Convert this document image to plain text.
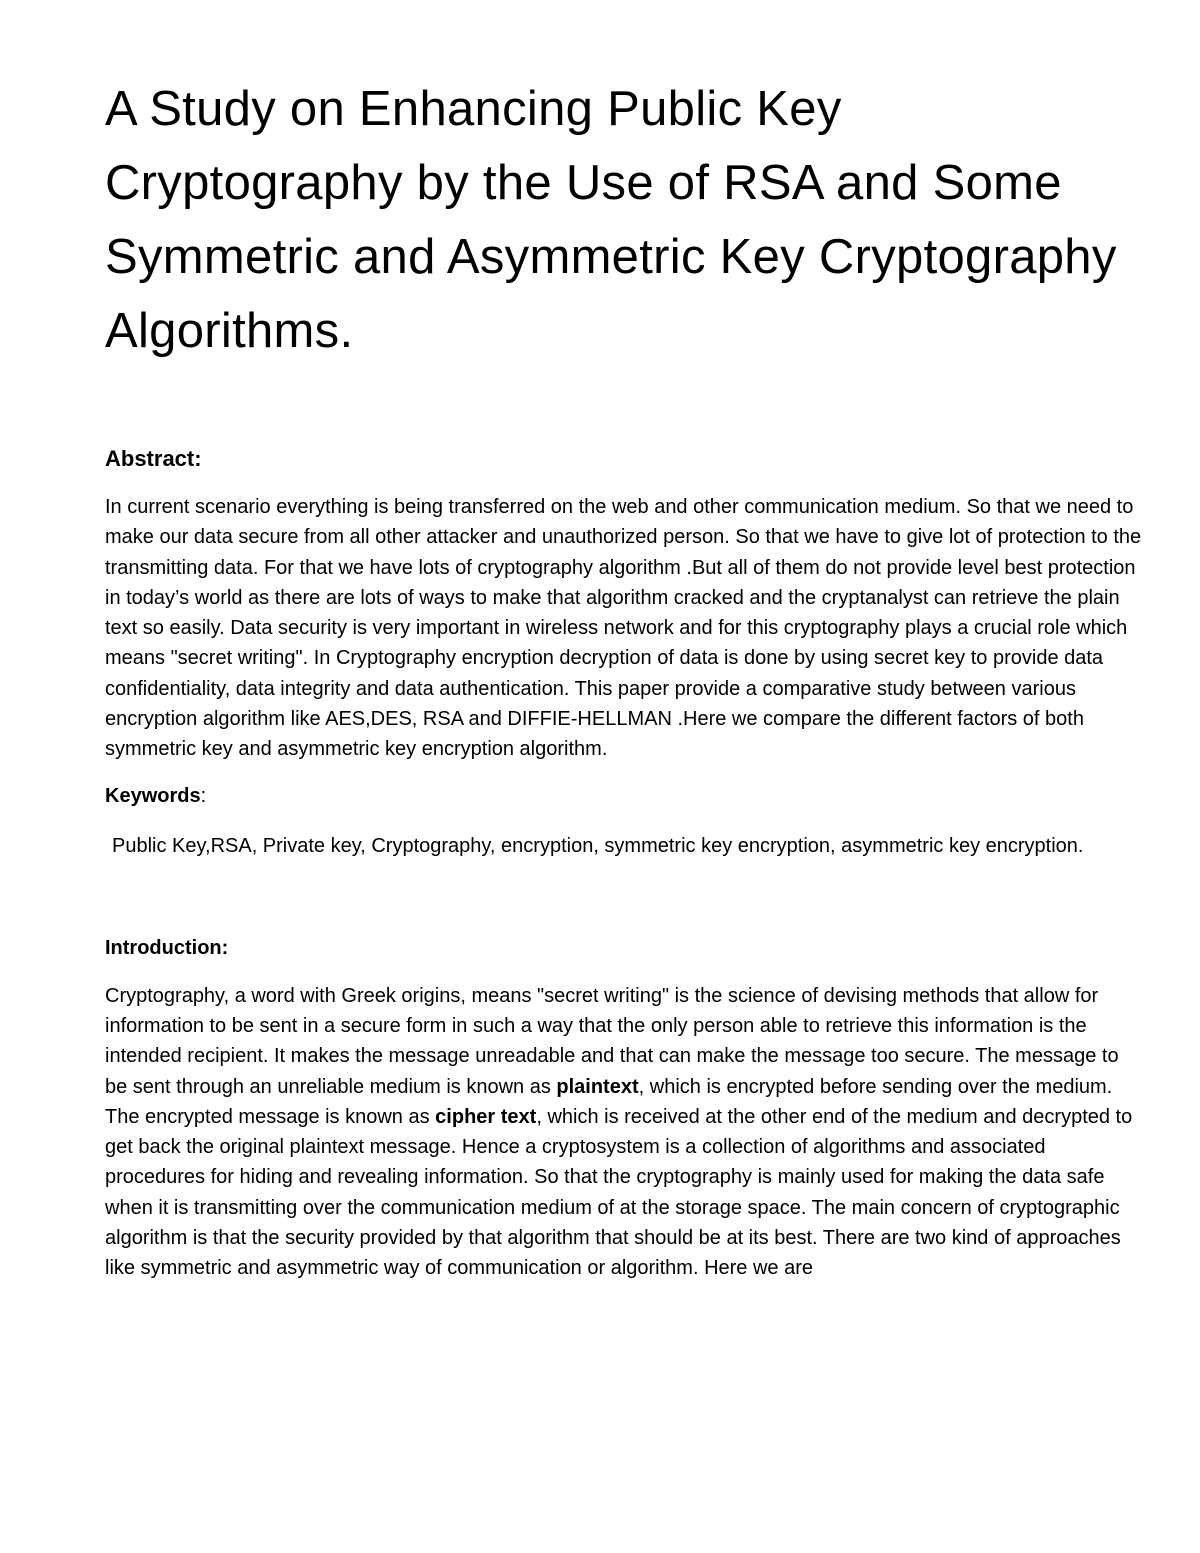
A Study on Enhancing Public Key Cryptography by the Use of RSA and Some Symmetric and Asymmetric Key Cryptography Algorithms.
Abstract:

In current scenario everything is being transferred on the web and other communication medium. So that we need to make our data secure from all other attacker and unauthorized person. So that we have to give lot of protection to the transmitting data. For that we have lots of cryptography algorithm .But all of them do not provide level best protection in today’s world as there are lots of ways to make that algorithm cracked and the cryptanalyst can retrieve the plain text so easily. Data security is very important in wireless network and for this cryptography plays a crucial role which means "secret writing". In Cryptography encryption decryption of data is done by using secret key to provide data confidentiality, data integrity and data authentication. This paper provide a comparative study between various encryption algorithm like AES,DES, RSA and DIFFIE-HELLMAN .Here we compare the different factors of both symmetric key and asymmetric key encryption algorithm.

Keywords:

Public Key,RSA, Private key, Cryptography, encryption, symmetric key encryption, asymmetric key encryption.

Introduction:

Cryptography, a word with Greek origins, means "secret writing" is the science of devising methods that allow for information to be sent in a secure form in such a way that the only person able to retrieve this information is the intended recipient. It makes the message unreadable and that can make the message too secure. The message to be sent through an unreliable medium is known as plaintext, which is encrypted before sending over the medium. The encrypted message is known as cipher text, which is received at the other end of the medium and decrypted to get back the original plaintext message. Hence a cryptosystem is a collection of algorithms and associated procedures for hiding and revealing information. So that the cryptography is mainly used for making the data safe when it is transmitting over the communication medium of at the storage space. The main concern of cryptographic algorithm is that the security provided by that algorithm that should be at its best. There are two kind of approaches like symmetric and asymmetric way of communication or algorithm. Here we are
